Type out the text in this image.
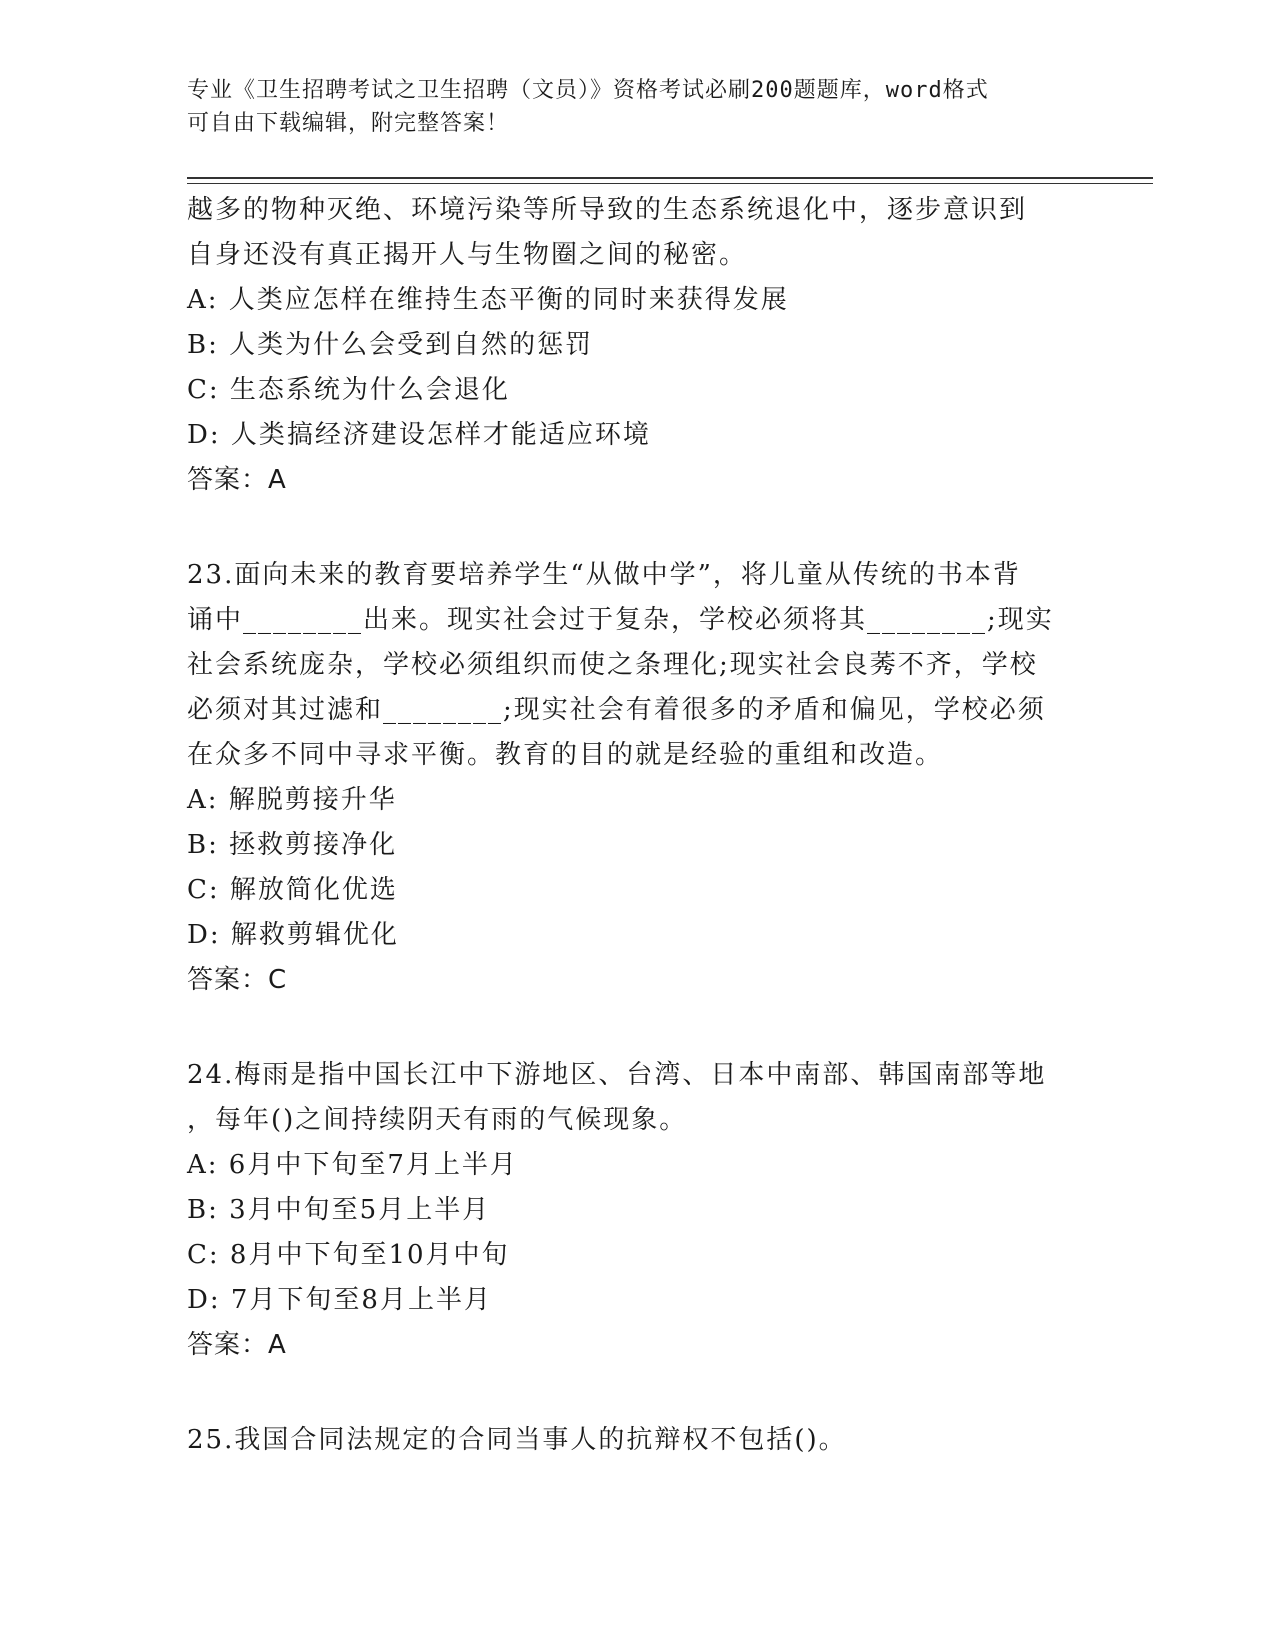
专业《卫生招聘考试之卫生招聘（文员）》资格考试必刷200题题库，word格式
可自由下载编辑，附完整答案！
越多的物种灭绝、环境污染等所导致的生态系统退化中，逐步意识到
自身还没有真正揭开人与生物圈之间的秘密。
A: 人类应怎样在维持生态平衡的同时来获得发展
B: 人类为什么会受到自然的惩罚
C: 生态系统为什么会退化
D: 人类搞经济建设怎样才能适应环境
答案：A
23.面向未来的教育要培养学生“从做中学”，将儿童从传统的书本背
诵中________出来。现实社会过于复杂，学校必须将其________;现实
社会系统庞杂，学校必须组织而使之条理化;现实社会良莠不齐，学校
必须对其过滤和________;现实社会有着很多的矛盾和偏见，学校必须
在众多不同中寻求平衡。教育的目的就是经验的重组和改造。
A: 解脱剪接升华
B: 拯救剪接净化
C: 解放简化优选
D: 解救剪辑优化
答案：C
24.梅雨是指中国长江中下游地区、台湾、日本中南部、韩国南部等地
，每年()之间持续阴天有雨的气候现象。
A: 6月中下旬至7月上半月
B: 3月中旬至5月上半月
C: 8月中下旬至10月中旬
D: 7月下旬至8月上半月
答案：A
25.我国合同法规定的合同当事人的抗辩权不包括()。
